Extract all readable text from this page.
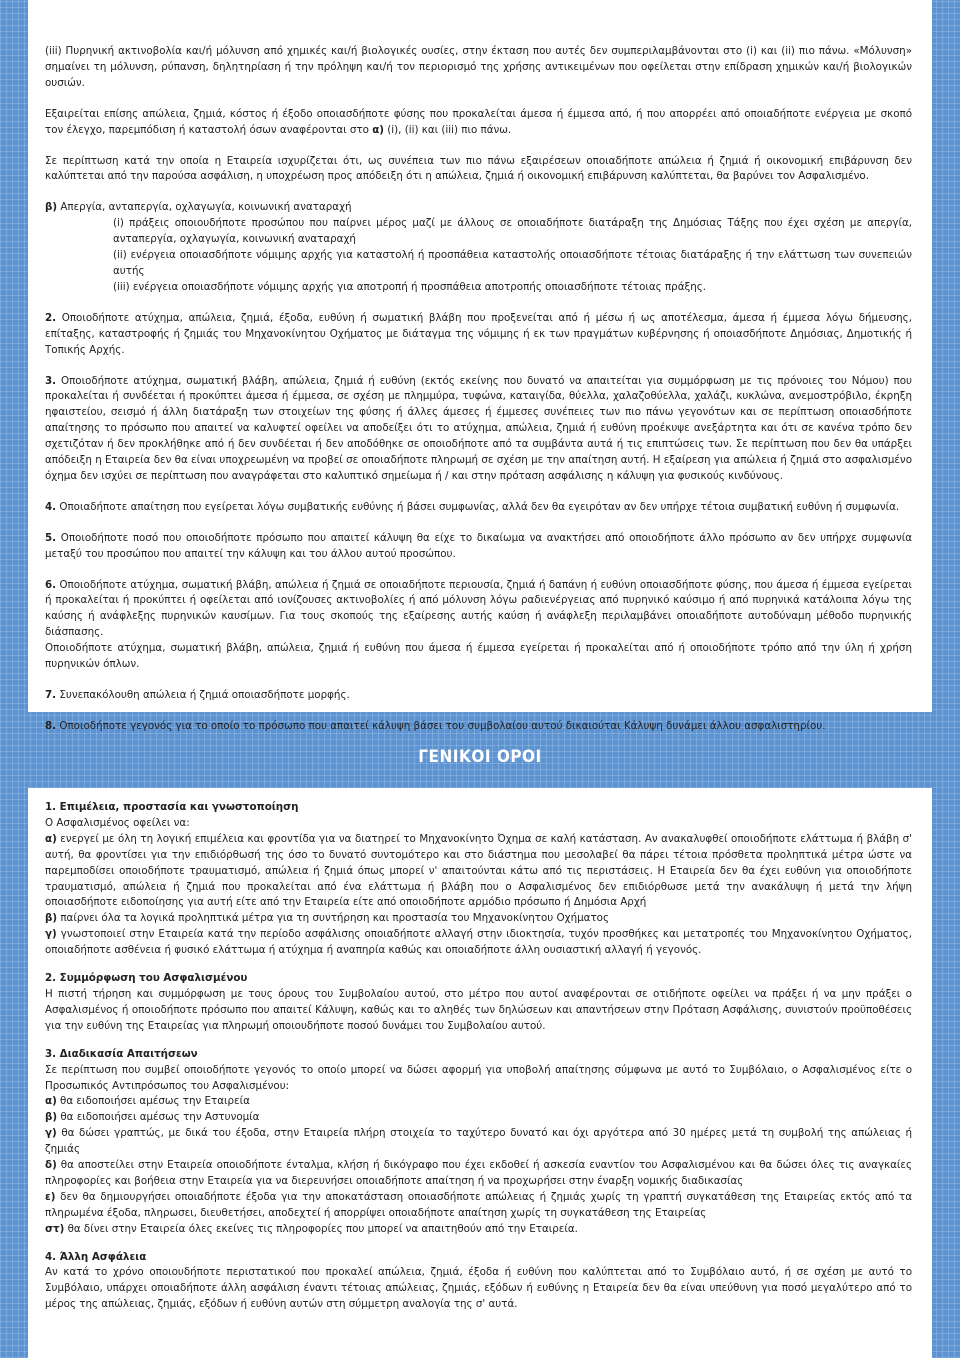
(iii) Πυρηνική ακτινοβολία και/ή μόλυνση από χημικές και/ή βιολογικές ουσίες, στην έκταση που αυτές δεν συμπεριλαμβάνονται στο (i) και (ii) πιο πάνω. «Μόλυνση» σημαίνει τη μόλυνση, ρύπανση, δηλητηρίαση ή την πρόληψη και/ή τον περιορισμό της χρήσης αντικειμένων που οφείλεται στην επίδραση χημικών και/ή βιολογικών ουσιών.

Εξαιρείται επίσης απώλεια, ζημιά, κόστος ή έξοδο οποιασδήποτε φύσης που προκαλείται άμεσα ή έμμεσα από, ή που απορρέει από οποιαδήποτε ενέργεια με σκοπό τον έλεγχο, παρεμπόδιση ή καταστολή όσων αναφέρονται στο α) (i), (ii) και (iii) πιο πάνω.

Σε περίπτωση κατά την οποία η Εταιρεία ισχυρίζεται ότι, ως συνέπεια των πιο πάνω εξαιρέσεων οποιαδήποτε απώλεια ή ζημιά ή οικονομική επιβάρυνση δεν καλύπτεται από την παρούσα ασφάλιση, η υποχρέωση προς απόδειξη ότι η απώλεια, ζημιά ή οικονομική επιβάρυνση καλύπτεται, θα βαρύνει τον Ασφαλισμένο.

β) Απεργία, ανταπεργία, οχλαγωγία, κοινωνική αναταραχή

(i) πράξεις οποιουδήποτε προσώπου που παίρνει μέρος μαζί με άλλους σε οποιαδήποτε διατάραξη της Δημόσιας Τάξης που έχει σχέση με απεργία, ανταπεργία, οχλαγωγία, κοινωνική αναταραχή

(ii) ενέργεια οποιασδήποτε νόμιμης αρχής για καταστολή ή προσπάθεια καταστολής οποιασδήποτε τέτοιας διατάραξης ή την ελάττωση των συνεπειών αυτής

(iii) ενέργεια οποιασδήποτε νόμιμης αρχής για αποτροπή ή προσπάθεια αποτροπής οποιασδήποτε τέτοιας πράξης.

2. Οποιοδήποτε ατύχημα, απώλεια, ζημιά, έξοδα, ευθύνη ή σωματική βλάβη που προξενείται από ή μέσω ή ως αποτέλεσμα, άμεσα ή έμμεσα λόγω δήμευσης, επίταξης, καταστροφής ή ζημιάς του Μηχανοκίνητου Οχήματος με διάταγμα της νόμιμης ή εκ των πραγμάτων κυβέρνησης ή οποιασδήποτε Δημόσιας, Δημοτικής ή Τοπικής Αρχής.

3. Οποιοδήποτε ατύχημα, σωματική βλάβη, απώλεια, ζημιά ή ευθύνη (εκτός εκείνης που δυνατό να απαιτείται για συμμόρφωση με τις πρόνοιες του Νόμου) που προκαλείται ή συνδέεται ή προκύπτει άμεσα ή έμμεσα, σε σχέση με πλημμύρα, τυφώνα, καταιγίδα, θύελλα, χαλαζοθύελλα, χαλάζι, κυκλώνα, ανεμοστρόβιλο, έκρηξη ηφαιστείου, σεισμό ή άλλη διατάραξη των στοιχείων της φύσης ή άλλες άμεσες ή έμμεσες συνέπειες των πιο πάνω γεγονότων και σε περίπτωση οποιασδήποτε απαίτησης το πρόσωπο που απαιτεί να καλυφτεί οφείλει να αποδείξει ότι το ατύχημα, απώλεια, ζημιά ή ευθύνη προέκυψε ανεξάρτητα και ότι σε κανένα τρόπο δεν σχετιζόταν ή δεν προκλήθηκε από ή δεν συνδέεται ή δεν αποδόθηκε σε οποιοδήποτε από τα συμβάντα αυτά ή τις επιπτώσεις των. Σε περίπτωση που δεν θα υπάρξει απόδειξη η Εταιρεία δεν θα είναι υποχρεωμένη να προβεί σε οποιαδήποτε πληρωμή σε σχέση με την απαίτηση αυτή. Η εξαίρεση για απώλεια ή ζημιά στο ασφαλισμένο όχημα δεν ισχύει σε περίπτωση που αναγράφεται στο καλυπτικό σημείωμα ή / και στην πρόταση ασφάλισης η κάλυψη για φυσικούς κινδύνους.

4. Οποιαδήποτε απαίτηση που εγείρεται λόγω συμβατικής ευθύνης ή βάσει συμφωνίας, αλλά δεν θα εγειρόταν αν δεν υπήρχε τέτοια συμβατική ευθύνη ή συμφωνία.

5. Οποιοδήποτε ποσό που οποιοδήποτε πρόσωπο που απαιτεί κάλυψη θα είχε το δικαίωμα να ανακτήσει από οποιοδήποτε άλλο πρόσωπο αν δεν υπήρχε συμφωνία μεταξύ του προσώπου που απαιτεί την κάλυψη και του άλλου αυτού προσώπου.

6. Οποιοδήποτε ατύχημα, σωματική βλάβη, απώλεια ή ζημιά σε οποιαδήποτε περιουσία, ζημιά ή δαπάνη ή ευθύνη οποιασδήποτε φύσης, που άμεσα ή έμμεσα εγείρεται ή προκαλείται ή προκύπτει ή οφείλεται από ιονίζουσες ακτινοβολίες ή από μόλυνση λόγω ραδιενέργειας από πυρηνικό καύσιμο ή από πυρηνικά κατάλοιπα λόγω της καύσης ή ανάφλεξης πυρηνικών καυσίμων. Για τους σκοπούς της εξαίρεσης αυτής καύση ή ανάφλεξη περιλαμβάνει οποιαδήποτε αυτοδύναμη μέθοδο πυρηνικής διάσπασης.

Οποιοδήποτε ατύχημα, σωματική βλάβη, απώλεια, ζημιά ή ευθύνη που άμεσα ή έμμεσα εγείρεται ή προκαλείται από ή οποιοδήποτε τρόπο από την ύλη ή χρήση πυρηνικών όπλων.

7. Συνεπακόλουθη απώλεια ή ζημιά οποιασδήποτε μορφής.

8. Οποιοδήποτε γεγονός για το οποίο το πρόσωπο που απαιτεί κάλυψη βάσει του συμβολαίου αυτού δικαιούται Κάλυψη δυνάμει άλλου ασφαλιστηρίου.

ΓΕΝΙΚΟΙ ΟΡΟΙ

1. Επιμέλεια, προστασία και γνωστοποίηση

Ο Ασφαλισμένος οφείλει να:

α) ενεργεί με όλη τη λογική επιμέλεια και φροντίδα για να διατηρεί το Μηχανοκίνητο Όχημα σε καλή κατάσταση. Αν ανακαλυφθεί οποιοδήποτε ελάττωμα ή βλάβη σ' αυτή, θα φροντίσει για την επιδιόρθωσή της όσο το δυνατό συντομότερο και στο διάστημα που μεσολαβεί θα πάρει τέτοια πρόσθετα προληπτικά μέτρα ώστε να παρεμποδίσει οποιοδήποτε τραυματισμό, απώλεια ή ζημιά όπως μπορεί ν' απαιτούνται κάτω από τις περιστάσεις. Η Εταιρεία δεν θα έχει ευθύνη για οποιοδήποτε τραυματισμό, απώλεια ή ζημιά που προκαλείται από ένα ελάττωμα ή βλάβη που ο Ασφαλισμένος δεν επιδιόρθωσε μετά την ανακάλυψη ή μετά την λήψη οποιασδήποτε ειδοποίησης για αυτή είτε από την Εταιρεία είτε από οποιοδήποτε αρμόδιο πρόσωπο ή Δημόσια Αρχή

β) παίρνει όλα τα λογικά προληπτικά μέτρα για τη συντήρηση και προστασία του Μηχανοκίνητου Οχήματος

γ) γνωστοποιεί στην Εταιρεία κατά την περίοδο ασφάλισης οποιαδήποτε αλλαγή στην ιδιοκτησία, τυχόν προσθήκες και μετατροπές του Μηχανοκίνητου Οχήματος, οποιαδήποτε ασθένεια ή φυσικό ελάττωμα ή ατύχημα ή αναπηρία καθώς και οποιαδήποτε άλλη ουσιαστική αλλαγή ή γεγονός.

2. Συμμόρφωση του Ασφαλισμένου

Η πιστή τήρηση και συμμόρφωση με τους όρους του Συμβολαίου αυτού, στο μέτρο που αυτοί αναφέρονται σε οτιδήποτε οφείλει να πράξει ή να μην πράξει ο Ασφαλισμένος ή οποιοδήποτε πρόσωπο που απαιτεί Κάλυψη, καθώς και το αληθές των δηλώσεων και απαντήσεων στην Πρόταση Ασφάλισης, συνιστούν προϋποθέσεις για την ευθύνη της Εταιρείας για πληρωμή οποιουδήποτε ποσού δυνάμει του Συμβολαίου αυτού.

3. Διαδικασία Απαιτήσεων

Σε περίπτωση που συμβεί οποιοδήποτε γεγονός το οποίο μπορεί να δώσει αφορμή για υποβολή απαίτησης σύμφωνα με αυτό το Συμβόλαιο, ο Ασφαλισμένος είτε ο Προσωπικός Αντιπρόσωπος του Ασφαλισμένου:

α) θα ειδοποιήσει αμέσως την Εταιρεία

β) θα ειδοποιήσει αμέσως την Αστυνομία

γ) θα δώσει γραπτώς, με δικά του έξοδα, στην Εταιρεία πλήρη στοιχεία το ταχύτερο δυνατό και όχι αργότερα από 30 ημέρες μετά τη συμβολή της απώλειας ή ζημιάς

δ) θα αποστείλει στην Εταιρεία οποιοδήποτε ένταλμα, κλήση ή δικόγραφο που έχει εκδοθεί ή ασκεσία εναντίον του Ασφαλισμένου και θα δώσει όλες τις αναγκαίες πληροφορίες και βοήθεια στην Εταιρεία για να διερευνήσει οποιαδήποτε απαίτηση ή να προχωρήσει στην έναρξη νομικής διαδικασίας

ε) δεν θα δημιουργήσει οποιαδήποτε έξοδα για την αποκατάσταση οποιασδήποτε απώλειας ή ζημιάς χωρίς τη γραπτή συγκατάθεση της Εταιρείας εκτός από τα πληρωμένα έξοδα, πληρωσει, διευθετήσει, αποδεχτεί ή απορρίψει οποιαδήποτε απαίτηση χωρίς τη συγκατάθεση της Εταιρείας

στ) θα δίνει στην Εταιρεία όλες εκείνες τις πληροφορίες που μπορεί να απαιτηθούν από την Εταιρεία.

4. Άλλη Ασφάλεια

Αν κατά το χρόνο οποιουδήποτε περιστατικού που προκαλεί απώλεια, ζημιά, έξοδα ή ευθύνη που καλύπτεται από το Συμβόλαιο αυτό, ή σε σχέση με αυτό το Συμβόλαιο, υπάρχει οποιαδήποτε άλλη ασφάλιση έναντι τέτοιας απώλειας, ζημιάς, εξόδων ή ευθύνης η Εταιρεία δεν θα είναι υπεύθυνη για ποσό μεγαλύτερο από το μέρος της απώλειας, ζημιάς, εξόδων ή ευθύνη αυτών στη σύμμετρη αναλογία της σ' αυτά.
